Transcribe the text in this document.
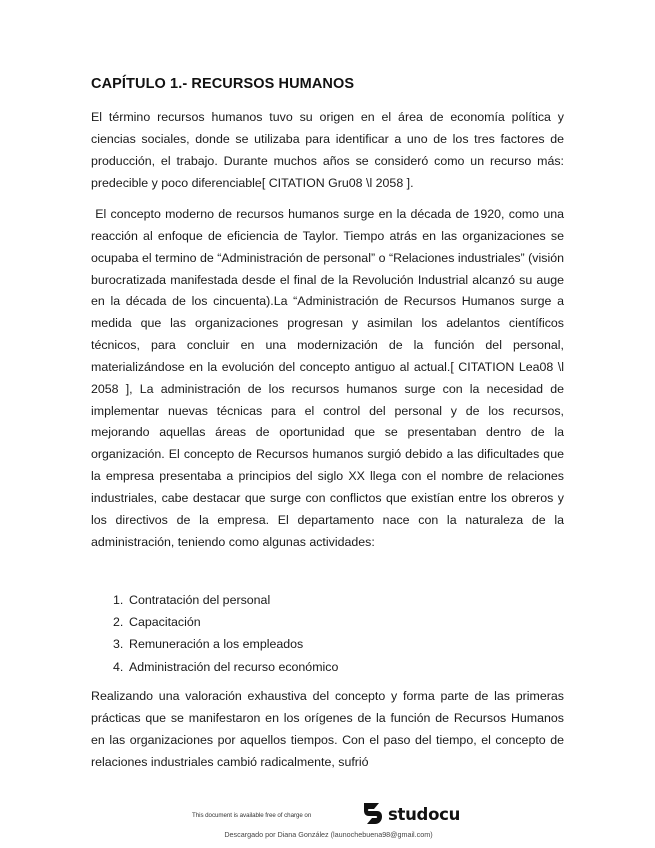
CAPÍTULO 1.- RECURSOS HUMANOS

El término recursos humanos tuvo su origen en el área de economía política y ciencias sociales, donde se utilizaba para identificar a uno de los tres factores de producción, el trabajo. Durante muchos años se consideró como un recurso más: predecible y poco diferenciable[ CITATION Gru08 \l 2058 ].

El concepto moderno de recursos humanos surge en la década de 1920, como una reacción al enfoque de eficiencia de Taylor. Tiempo atrás en las organizaciones se ocupaba el termino de “Administración de personal” o “Relaciones industriales” (visión burocratizada manifestada desde el final de la Revolución Industrial alcanzó su auge en la década de los cincuenta).La “Administración de Recursos Humanos surge a medida que las organizaciones progresan y asimilan los adelantos científicos técnicos, para concluir en una modernización de la función del personal, materializándose en la evolución del concepto antiguo al actual.[ CITATION Lea08 \l 2058 ], La administración de los recursos humanos surge con la necesidad de implementar nuevas técnicas para el control del personal y de los recursos, mejorando aquellas áreas de oportunidad que se presentaban dentro de la organización. El concepto de Recursos humanos surgió debido a las dificultades que la empresa presentaba a principios del siglo XX llega con el nombre de relaciones industriales, cabe destacar que surge con conflictos que existían entre los obreros y los directivos de la empresa. El departamento nace con la naturaleza de la administración, teniendo como algunas actividades:

1. Contratación del personal
2. Capacitación
3. Remuneración a los empleados
4. Administración del recurso económico

Realizando una valoración exhaustiva del concepto y forma parte de las primeras prácticas que se manifestaron en los orígenes de la función de Recursos Humanos en las organizaciones por aquellos tiempos. Con el paso del tiempo, el concepto de relaciones industriales cambió radicalmente, sufrió

This document is available free of charge on	studocu
Descargado por Diana González (launochebuena98@gmail.com)
